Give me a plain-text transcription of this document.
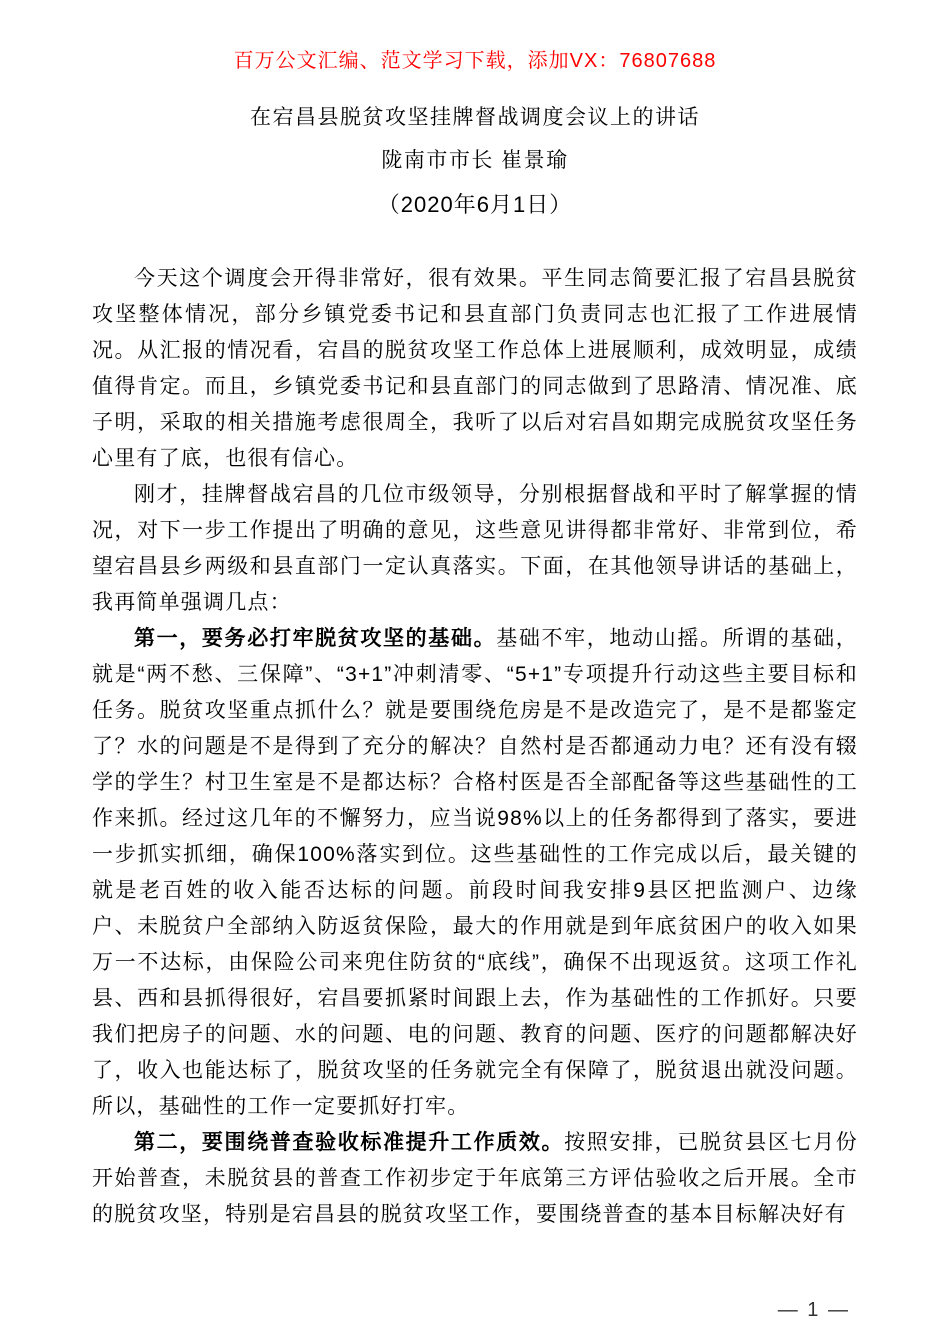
百万公文汇编、范文学习下载，添加VX：76807688
在宕昌县脱贫攻坚挂牌督战调度会议上的讲话
陇南市市长 崔景瑜
（2020年6月1日）

今天这个调度会开得非常好，很有效果。平生同志简要汇报了宕昌县脱贫攻坚整体情况，部分乡镇党委书记和县直部门负责同志也汇报了工作进展情况。从汇报的情况看，宕昌的脱贫攻坚工作总体上进展顺利，成效明显，成绩值得肯定。而且，乡镇党委书记和县直部门的同志做到了思路清、情况准、底子明，采取的相关措施考虑很周全，我听了以后对宕昌如期完成脱贫攻坚任务心里有了底，也很有信心。

刚才，挂牌督战宕昌的几位市级领导，分别根据督战和平时了解掌握的情况，对下一步工作提出了明确的意见，这些意见讲得都非常好、非常到位，希望宕昌县乡两级和县直部门一定认真落实。下面，在其他领导讲话的基础上，我再简单强调几点：

第一，要务必打牢脱贫攻坚的基础。基础不牢，地动山摇。所谓的基础，就是“两不愁、三保障”、“3+1”冲刺清零、“5+1”专项提升行动这些主要目标和任务。脱贫攻坚重点抓什么？就是要围绕危房是不是改造完了，是不是都鉴定了？水的问题是不是得到了充分的解决？自然村是否都通动力电？还有没有辍学的学生？村卫生室是不是都达标？合格村医是否全部配备等这些基础性的工作来抓。经过这几年的不懈努力，应当说98%以上的任务都得到了落实，要进一步抓实抓细，确保100%落实到位。这些基础性的工作完成以后，最关键的就是老百姓的收入能否达标的问题。前段时间我安排9县区把监测户、边缘户、未脱贫户全部纳入防返贫保险，最大的作用就是到年底贫困户的收入如果万一不达标，由保险公司来兜住防贫的“底线”，确保不出现返贫。这项工作礼县、西和县抓得很好，宕昌要抓紧时间跟上去，作为基础性的工作抓好。只要我们把房子的问题、水的问题、电的问题、教育的问题、医疗的问题都解决好了，收入也能达标了，脱贫攻坚的任务就完全有保障了，脱贫退出就没问题。所以，基础性的工作一定要抓好打牢。

第二，要围绕普查验收标准提升工作质效。按照安排，已脱贫县区七月份开始普查，未脱贫县的普查工作初步定于年底第三方评估验收之后开展。全市的脱贫攻坚，特别是宕昌县的脱贫攻坚工作，要围绕普查的基本目标解决好有

— 1 —
